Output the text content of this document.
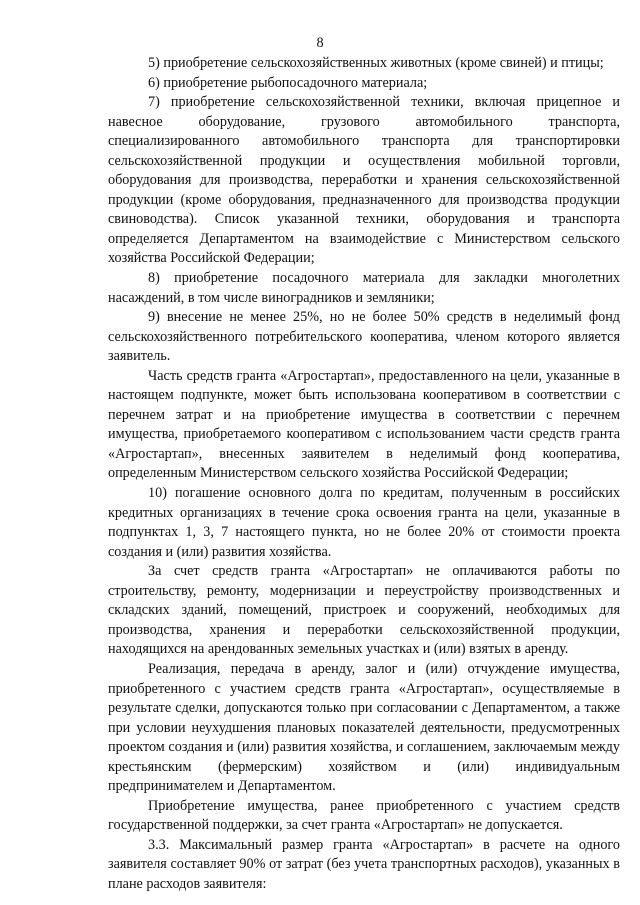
8

5) приобретение сельскохозяйственных животных (кроме свиней) и птицы;

6) приобретение рыбопосадочного материала;

7) приобретение сельскохозяйственной техники, включая прицепное и навесное оборудование, грузового автомобильного транспорта, специализированного автомобильного транспорта для транспортировки сельскохозяйственной продукции и осуществления мобильной торговли, оборудования для производства, переработки и хранения сельскохозяйственной продукции (кроме оборудования, предназначенного для производства продукции свиноводства). Список указанной техники, оборудования и транспорта определяется Департаментом на взаимодействие с Министерством сельского хозяйства Российской Федерации;

8) приобретение посадочного материала для закладки многолетних насаждений, в том числе виноградников и земляники;

9) внесение не менее 25%, но не более 50% средств в неделимый фонд сельскохозяйственного потребительского кооператива, членом которого является заявитель.

Часть средств гранта «Агростартап», предоставленного на цели, указанные в настоящем подпункте, может быть использована кооперативом в соответствии с перечнем затрат и на приобретение имущества в соответствии с перечнем имущества, приобретаемого кооперативом с использованием части средств гранта «Агростартап», внесенных заявителем в неделимый фонд кооператива, определенным Министерством сельского хозяйства Российской Федерации;

10) погашение основного долга по кредитам, полученным в российских кредитных организациях в течение срока освоения гранта на цели, указанные в подпунктах 1, 3, 7 настоящего пункта, но не более 20% от стоимости проекта создания и (или) развития хозяйства.

За счет средств гранта «Агростартап» не оплачиваются работы по строительству, ремонту, модернизации и переустройству производственных и складских зданий, помещений, пристроек и сооружений, необходимых для производства, хранения и переработки сельскохозяйственной продукции, находящихся на арендованных земельных участках и (или) взятых в аренду.

Реализация, передача в аренду, залог и (или) отчуждение имущества, приобретенного с участием средств гранта «Агростартап», осуществляемые в результате сделки, допускаются только при согласовании с Департаментом, а также при условии неухудшения плановых показателей деятельности, предусмотренных проектом создания и (или) развития хозяйства, и соглашением, заключаемым между крестьянским (фермерским) хозяйством и (или) индивидуальным предпринимателем и Департаментом.

Приобретение имущества, ранее приобретенного с участием средств государственной поддержки, за счет гранта «Агростартап» не допускается.

3.3. Максимальный размер гранта «Агростартап» в расчете на одного заявителя составляет 90% от затрат (без учета транспортных расходов), указанных в плане расходов заявителя:
